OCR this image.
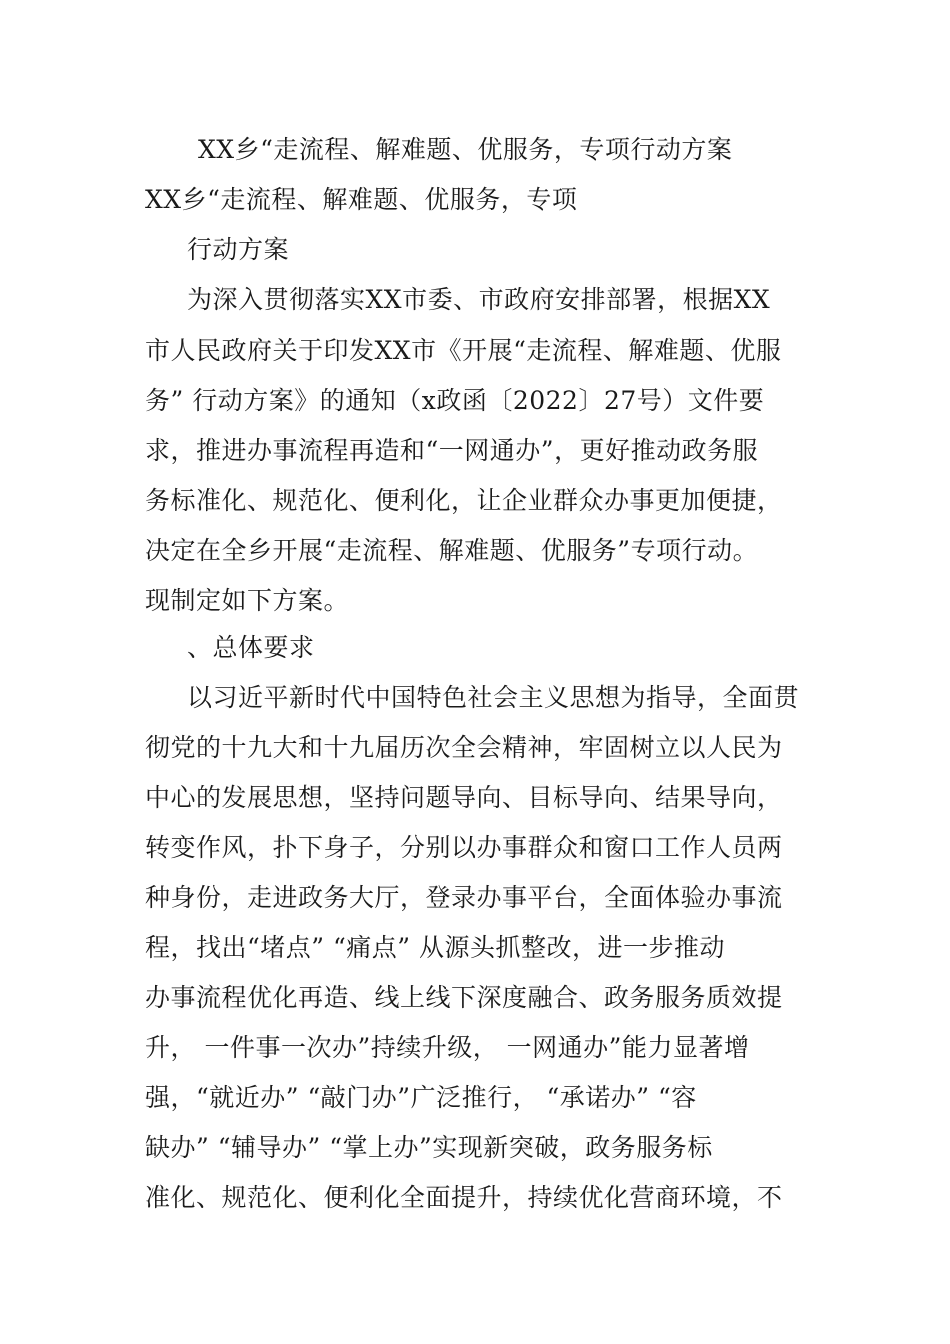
XX乡“走流程、解难题、优服务，专项行动方案
XX乡“走流程、解难题、优服务，专项
行动方案
为深入贯彻落实XX市委、市政府安排部署，根据XX
市人民政府关于印发XX市《开展“走流程、解难题、优服
务” 行动方案》的通知（x政函〔2022〕27号）文件要
求，推进办事流程再造和“一网通办”，更好推动政务服
务标准化、规范化、便利化，让企业群众办事更加便捷，
决定在全乡开展“走流程、解难题、优服务”专项行动。
现制定如下方案。
、总体要求
以习近平新时代中国特色社会主义思想为指导，全面贯
彻党的十九大和十九届历次全会精神，牢固树立以人民为
中心的发展思想，坚持问题导向、目标导向、结果导向，
转变作风，扑下身子，分别以办事群众和窗口工作人员两
种身份，走进政务大厅，登录办事平台，全面体验办事流
程，找出“堵点” “痛点” 从源头抓整改，进一步推动
办事流程优化再造、线上线下深度融合、政务服务质效提
升， 一件事一次办”持续升级， 一网通办”能力显著增
强，“就近办” “敲门办”广泛推行， “承诺办” “容
缺办” “辅导办” “掌上办”实现新突破，政务服务标
准化、规范化、便利化全面提升，持续优化营商环境，不
